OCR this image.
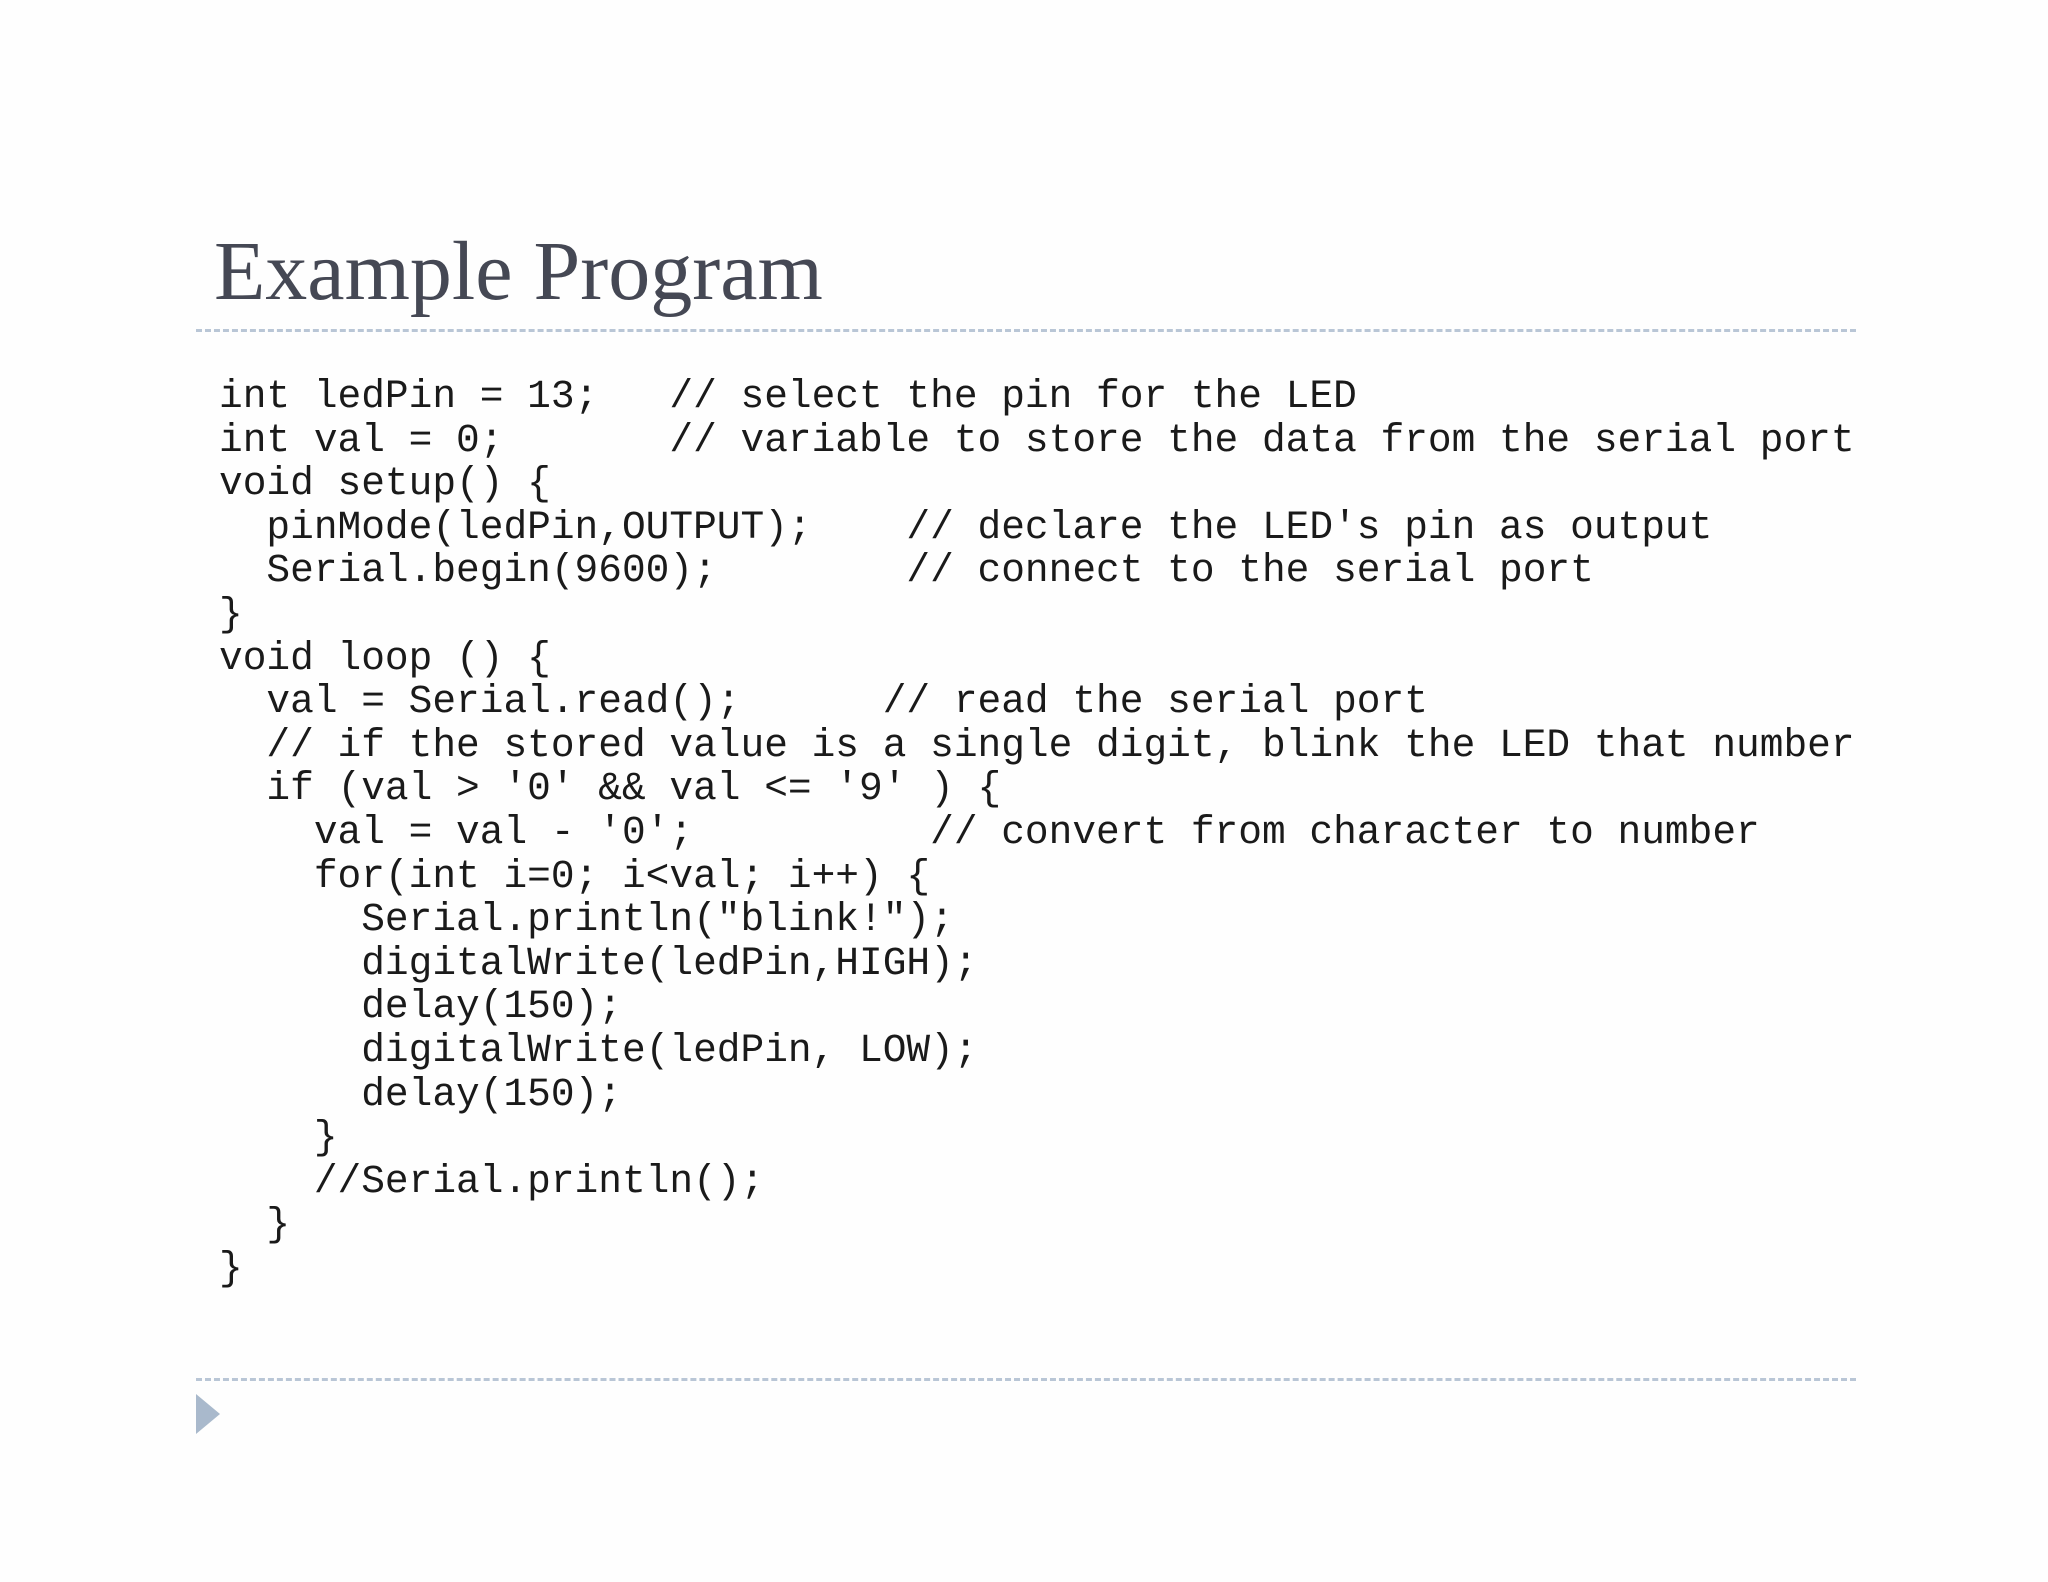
Example Program
int ledPin = 13;   // select the pin for the LED
int val = 0;       // variable to store the data from the serial port
void setup() {
pinMode(ledPin,OUTPUT);    // declare the LED's pin as output
Serial.begin(9600);        // connect to the serial port
}
void loop () {
val = Serial.read();      // read the serial port
// if the stored value is a single digit, blink the LED that number
if (val > '0' && val <= '9' ) {
val = val - '0';          // convert from character to number
for(int i=0; i<val; i++) {
Serial.println("blink!");
digitalWrite(ledPin,HIGH);
delay(150);
digitalWrite(ledPin, LOW);
delay(150);
}
//Serial.println();
}
}
